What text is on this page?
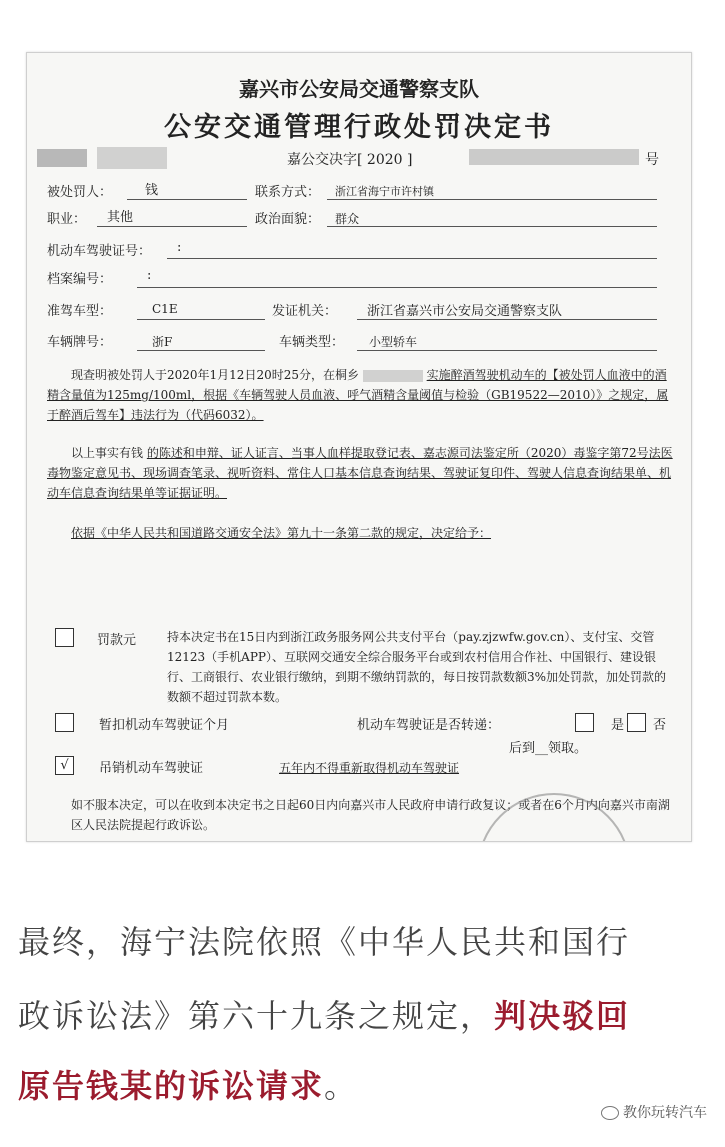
嘉兴市公安局交通警察支队
公安交通管理行政处罚决定书
嘉公交决字[ 2020 ]	号
被处罚人：	钱	联系方式： 浙江省海宁市许村镇
职业： 其他	政治面貌： 群众
机动车驾驶证号： :
档案编号：	:
准驾车型：	C1E	发证机关： 浙江省嘉兴市公安局交通警察支队
车辆牌号：	浙F	车辆类型： 小型轿车
现查明被处罚人于2020年1月12日20时25分，在桐乡	实施醉酒驾驶机动车的【被处罚人血液中的酒精含量值为125mg/100ml，根据《车辆驾驶人员血液、呼气酒精含量阈值与检验（GB19522—2010）》之规定，属于醉酒后驾车】违法行为（代码6032）。
以上事实有钱 的陈述和申辩、证人证言、当事人血样提取登记表、嘉志源司法鉴定所（2020）毒鉴字第72号法医毒物鉴定意见书、现场调查笔录、视听资料、常住人口基本信息查询结果、驾驶证复印件、驾驶人信息查询结果单、机动车信息查询结果单等证据证明。
依据《中华人民共和国道路交通安全法》第九十一条第二款的规定，决定给予：
罚款元	持本决定书在15日内到浙江政务服务网公共支付平台（pay.zjzwfw.gov.cn）、支付宝、交管12123（手机APP）、互联网交通安全综合服务平台或到农村信用合作社、中国银行、建设银行、工商银行、农业银行缴纳，到期不缴纳罚款的，每日按罚款数额3%加处罚款，加处罚款的数额不超过罚款本数。
暂扣机动车驾驶证个月	机动车驾驶证是否转递：	是 否
后到__领取。
√	吊销机动车驾驶证	五年内不得重新取得机动车驾驶证
如不服本决定，可以在收到本决定书之日起60日内向嘉兴市人民政府申请行政复议；或者在6个月内向嘉兴市南湖区人民法院提起行政诉讼。
最终，海宁法院依照《中华人民共和国行
政诉讼法》第六十九条之规定，判决驳回
原告钱某的诉讼请求。
教你玩转汽车
